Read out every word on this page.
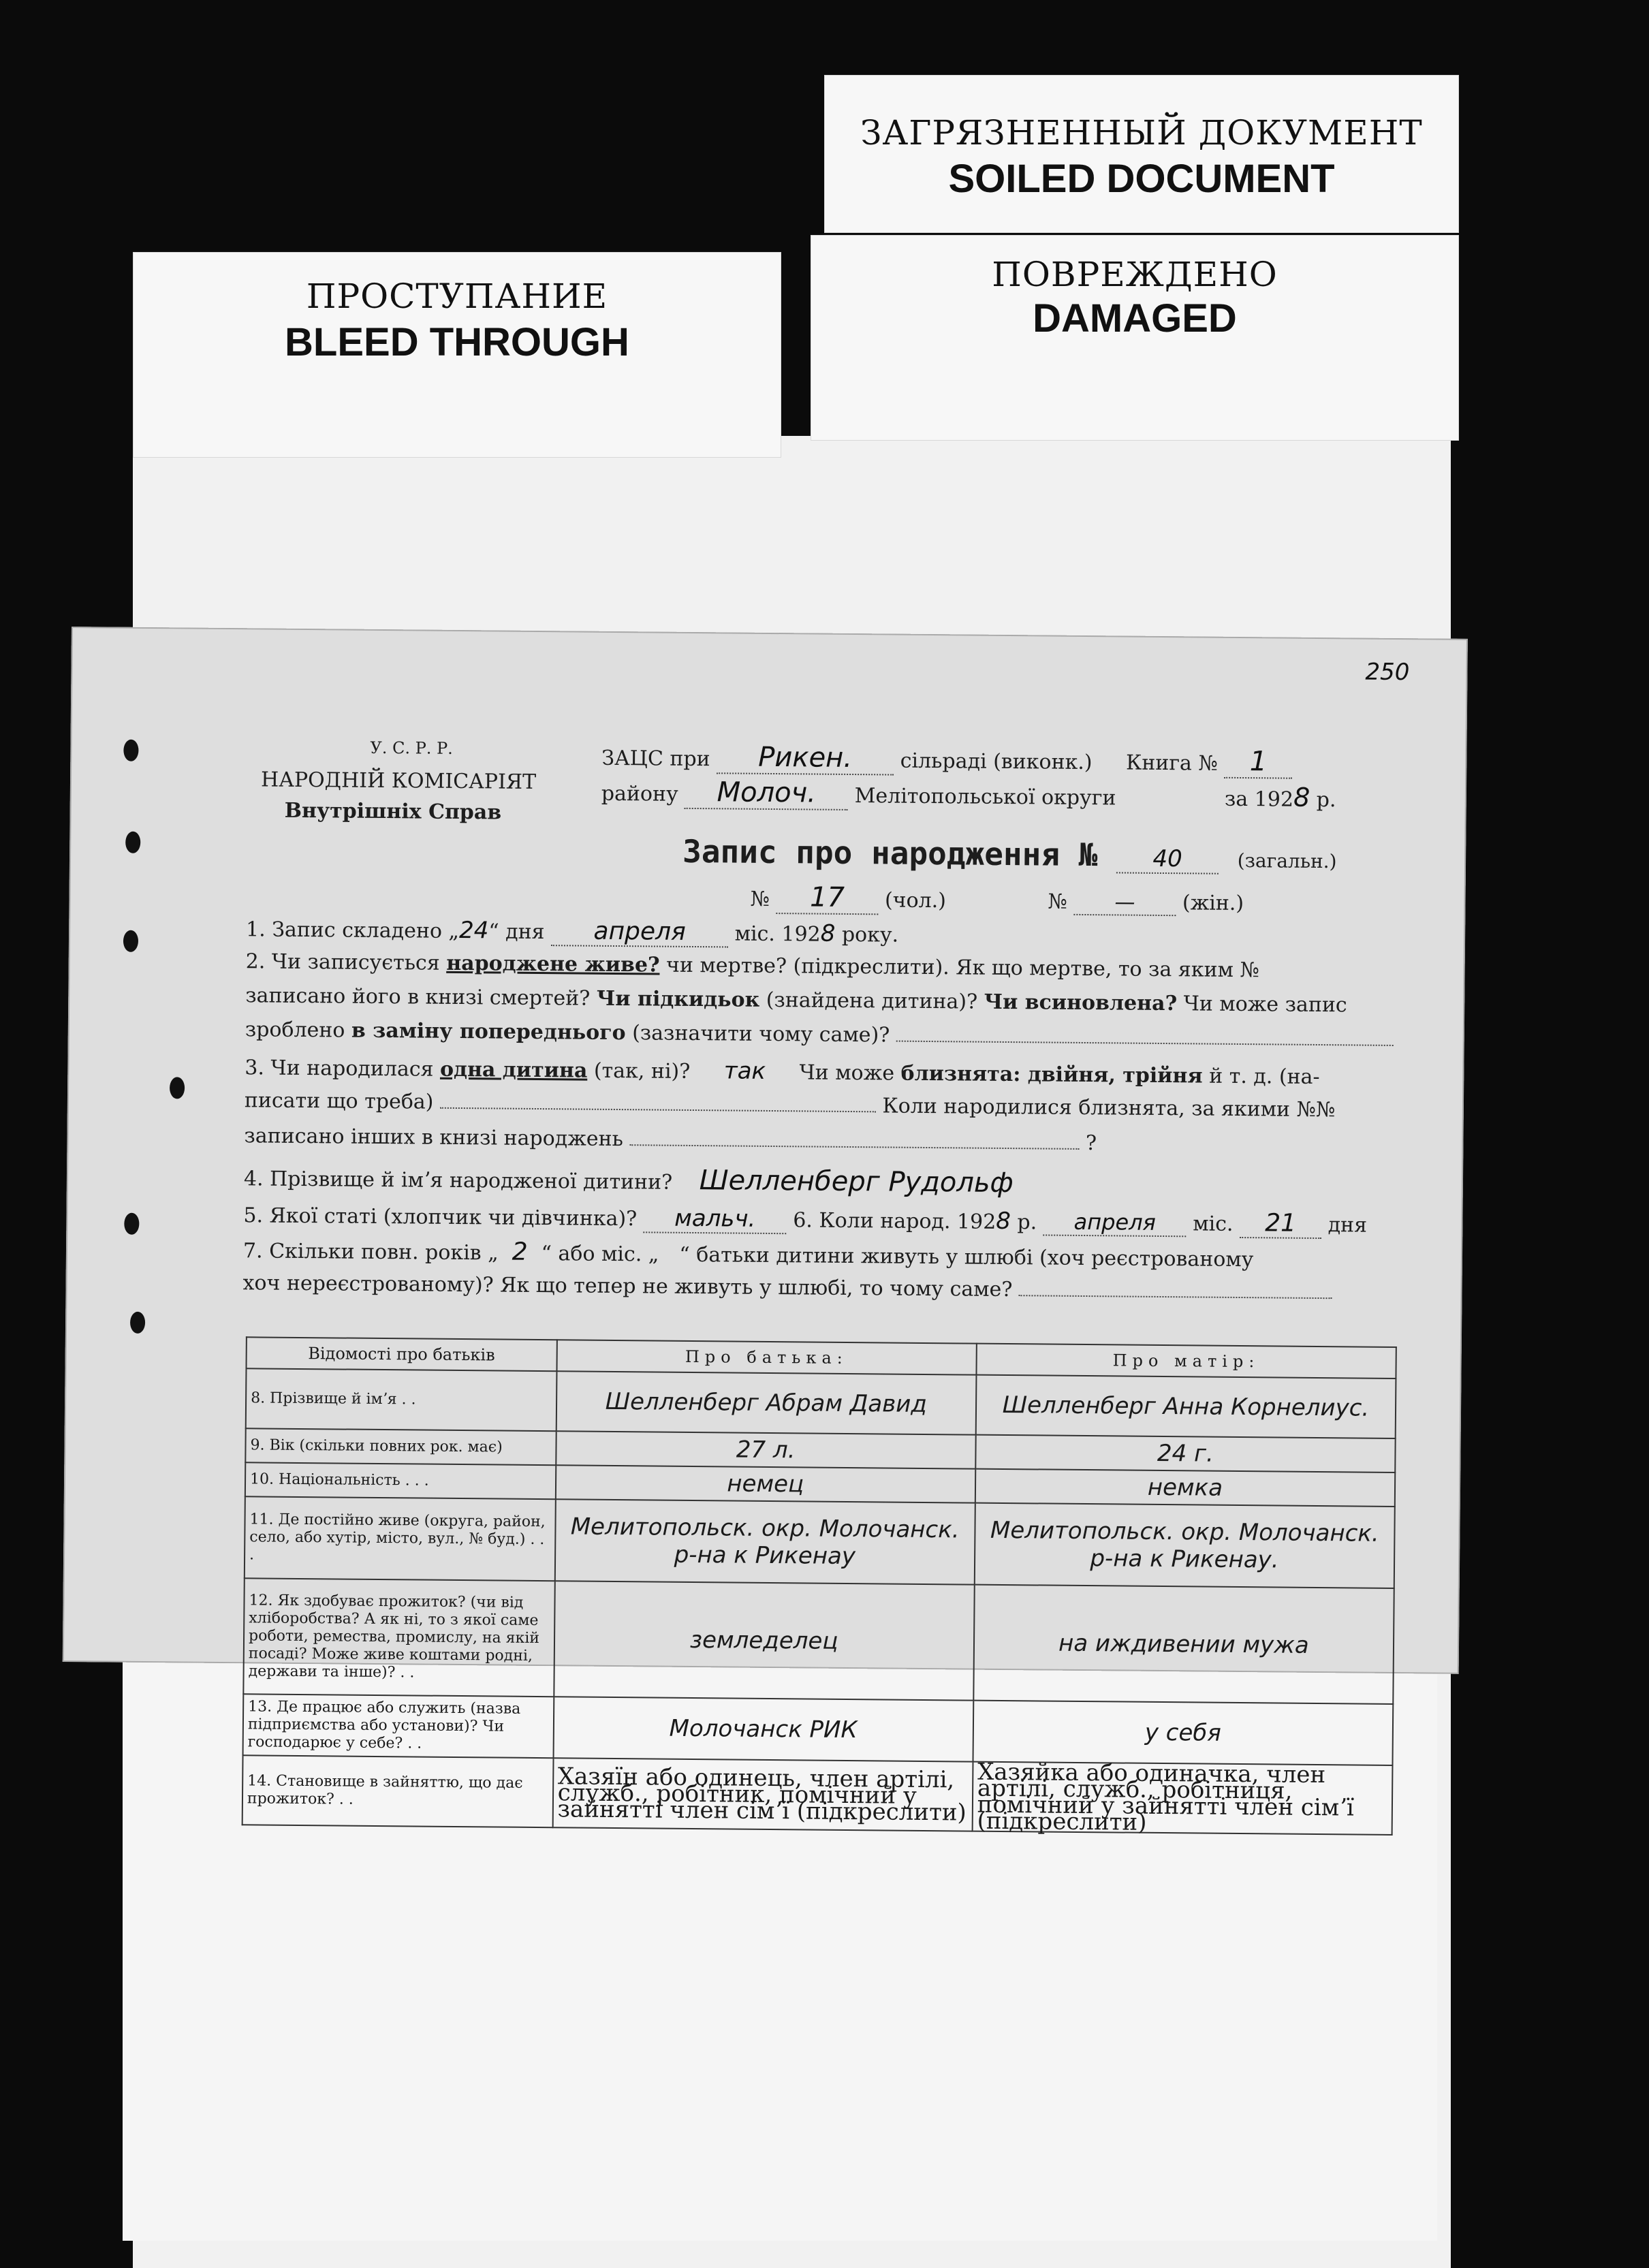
ЗАГРЯЗНЕННЫЙ ДОКУМЕНТ
SOILED DOCUMENT
ПРОСТУПАНИЕ
BLEED THROUGH
ПОВРЕЖДЕНО
DAMAGED
250
У. С. Р. Р.
НАРОДНІЙ КОМІСАРІЯТ
Внутрішніх Справ
ЗАЦС при Рикен. сільраді (виконк.) Книга № 1
району Молоч. Мелітопольської округи	за 1928 р.
Запис про народження № 40	(загальн.)
№ 17 (чол.)	№ — (жін.)
1. Запис складено „24“ дня апреля міс. 1928 року.
2. Чи записується народжене живе? чи мертве? (підкреслити). Як що мертве, то за яким №
записано його в книзі смертей? Чи підкидьок (знайдена дитина)? Чи всиновлена? Чи може запис
зроблено в заміну попереднього (зазначити чому саме)?
3. Чи народилася одна дитина (так, ні)? так Чи може близнята: двійня, трійня й т. д. (на-
писати що треба)	Коли народилися близнята, за якими №№
записано інших в книзі народжень	?
4. Прізвище й імʼя народженої дитини? Шелленберг Рудольф
5. Якої статі (хлопчик чи дівчинка)? мальч. 6. Коли народ. 1928 р. апреля міс. 21 дня
7. Скільки повн. років „ 2 “ або міс. „ “ батьки дитини живуть у шлюбі (хоч реєстрованому
хоч нереєстрованому)? Як що тепер не живуть у шлюбі, то чому саме?
Відомості про батьків	Про батька:	Про матір:
8. Прізвище й імʼя . .	Шелленберг Абрам Давид	Шелленберг Анна Корнелиус.
9. Вік (скільки повних рок. має)	27 л.	24 г.
10. Національність . . .	немец	немка
11. Де постійно живе (округа, район, село, або хутір, місто, вул., № буд.) . . .	Мелитопольск. окр. Молочанск. р-на к Рикенау	Мелитопольск. окр. Молочанск. р-на к Рикенау.
12. Як здобуває прожиток? (чи від хліборобства? А як ні, то з якої саме роботи, ремества, промислу, на якій посаді? Може живе коштами родні, держави та інше)? . .	земледелец	на иждивении мужа
13. Де працює або служить (назва підприємства або установи)? Чи господарює у себе? . .	Молочанск РИК	у себя
14. Становище в зайняттю, що дає прожиток? . .	Хазяїн або одинець, член артілі, служб., робітник, помічний у зайнятті член сімʼї (підкреслити)	Хазяйка або одиначка, член артілі, служб., робітниця, помічний у зайнятті член сімʼї (підкреслити)
